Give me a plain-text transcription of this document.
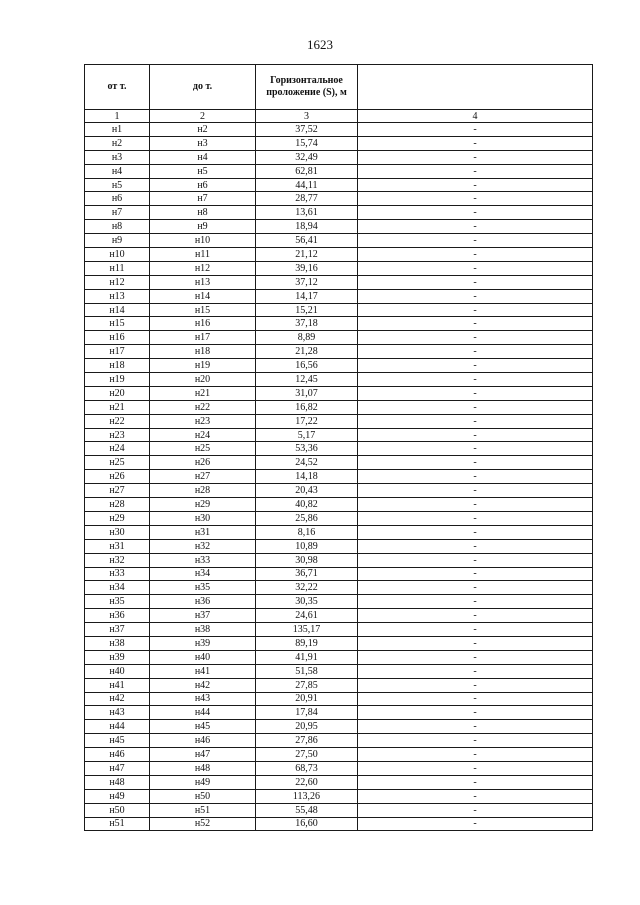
1623
от т.	до т.	Горизонтальное проложение (S), м	
1	2	3	4
н1	н2	37,52	-
н2	н3	15,74	-
н3	н4	32,49	-
н4	н5	62,81	-
н5	н6	44,11	-
н6	н7	28,77	-
н7	н8	13,61	-
н8	н9	18,94	-
н9	н10	56,41	-
н10	н11	21,12	-
н11	н12	39,16	-
н12	н13	37,12	-
н13	н14	14,17	-
н14	н15	15,21	-
н15	н16	37,18	-
н16	н17	8,89	-
н17	н18	21,28	-
н18	н19	16,56	-
н19	н20	12,45	-
н20	н21	31,07	-
н21	н22	16,82	-
н22	н23	17,22	-
н23	н24	5,17	-
н24	н25	53,36	-
н25	н26	24,52	-
н26	н27	14,18	-
н27	н28	20,43	-
н28	н29	40,82	-
н29	н30	25,86	-
н30	н31	8,16	-
н31	н32	10,89	-
н32	н33	30,98	-
н33	н34	36,71	-
н34	н35	32,22	-
н35	н36	30,35	-
н36	н37	24,61	-
н37	н38	135,17	-
н38	н39	89,19	-
н39	н40	41,91	-
н40	н41	51,58	-
н41	н42	27,85	-
н42	н43	20,91	-
н43	н44	17,84	-
н44	н45	20,95	-
н45	н46	27,86	-
н46	н47	27,50	-
н47	н48	68,73	-
н48	н49	22,60	-
н49	н50	113,26	-
н50	н51	55,48	-
н51	н52	16,60	-
